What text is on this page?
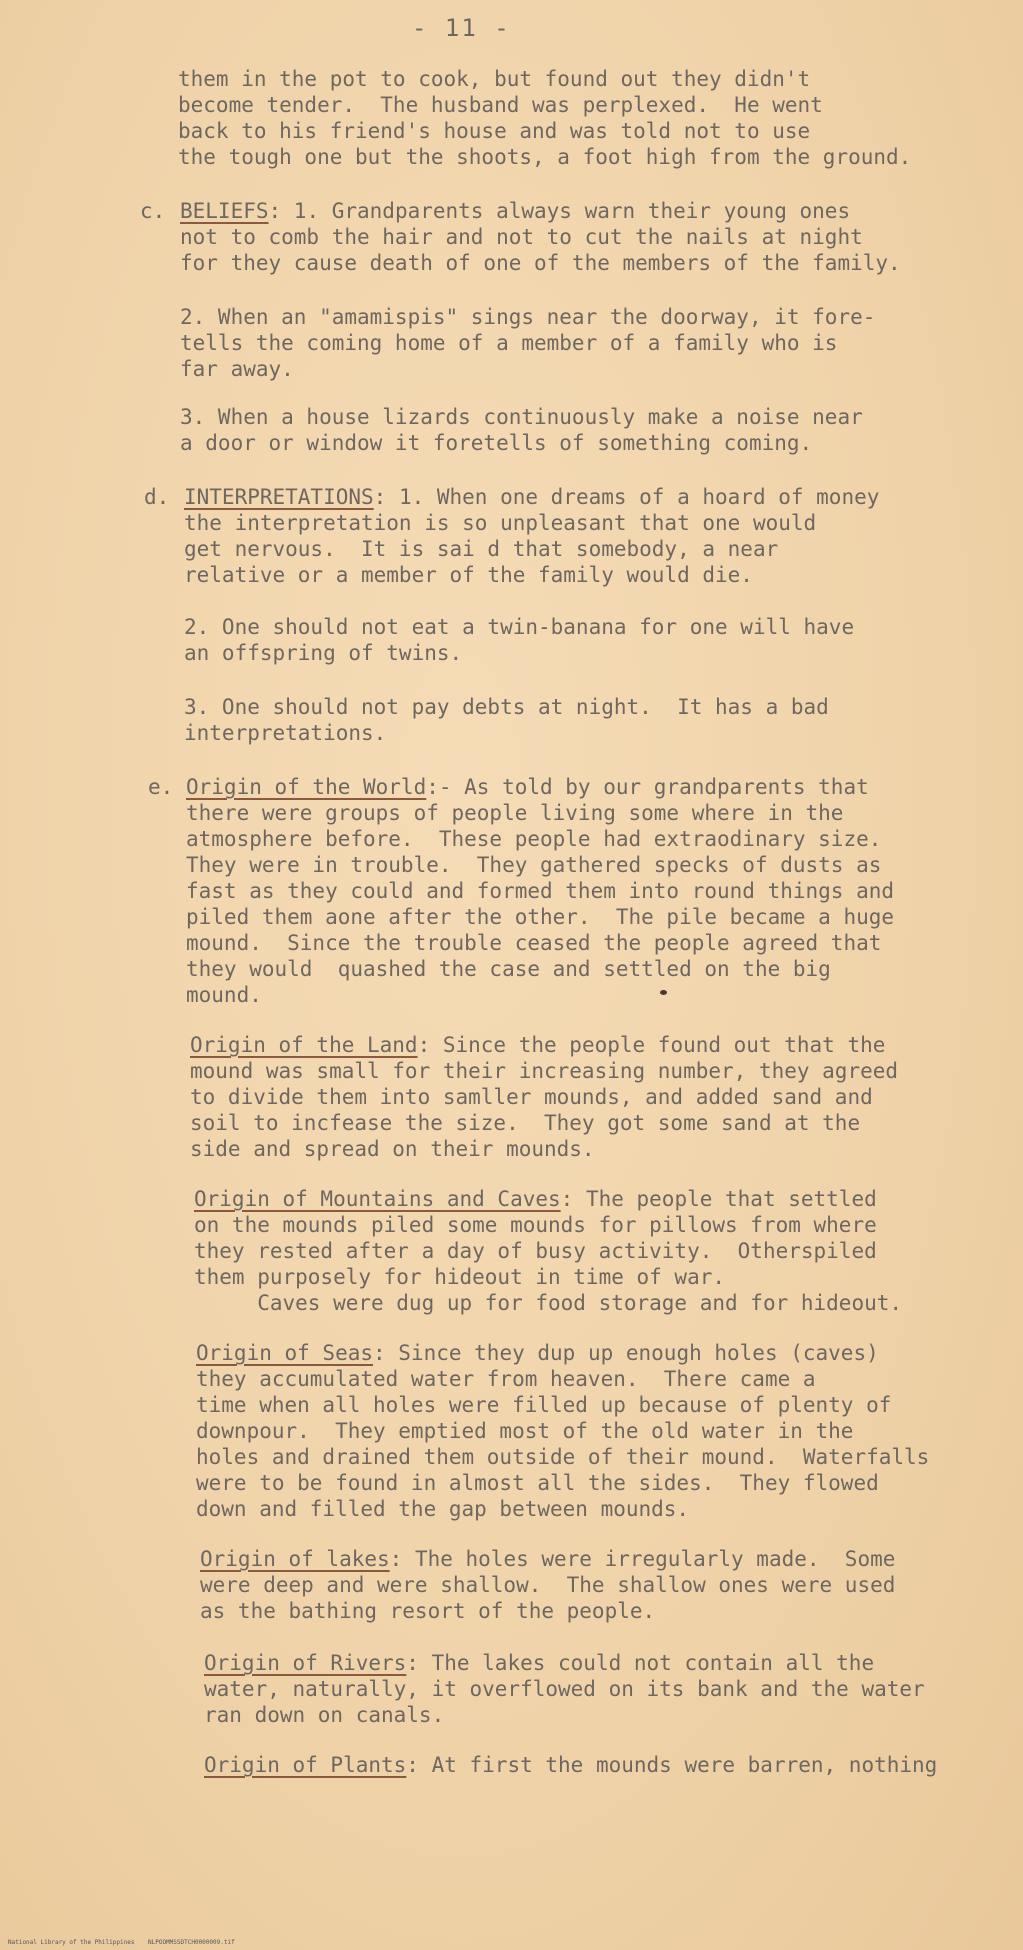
- 11 -
them in the pot to cook, but found out they didn't
become tender.  The husband was perplexed.  He went
back to his friend's house and was told not to use
the tough one but the shoots, a foot high from the ground.
c. BELIEFS: 1. Grandparents always warn their young ones
not to comb the hair and not to cut the nails at night
for they cause death of one of the members of the family.
2. When an "amamispis" sings near the doorway, it fore-
tells the coming home of a member of a family who is
far away.
3. When a house lizards continuously make a noise near
a door or window it foretells of something coming.
d. INTERPRETATIONS: 1. When one dreams of a hoard of money
the interpretation is so unpleasant that one would
get nervous.  It is sai d that somebody, a near
relative or a member of the family would die.
2. One should not eat a twin-banana for one will have
an offspring of twins.
3. One should not pay debts at night.  It has a bad
interpretations.
e. Origin of the World:- As told by our grandparents that
there were groups of people living some where in the
atmosphere before.  These people had extraodinary size.
They were in trouble.  They gathered specks of dusts as
fast as they could and formed them into round things and
piled them aone after the other.  The pile became a huge
mound.  Since the trouble ceased the people agreed that
they would  quashed the case and settled on the big
mound.
Origin of the Land: Since the people found out that the
mound was small for their increasing number, they agreed
to divide them into samller mounds, and added sand and
soil to incfease the size.  They got some sand at the
side and spread on their mounds.
Origin of Mountains and Caves: The people that settled
on the mounds piled some mounds for pillows from where
they rested after a day of busy activity.  Otherspiled
them purposely for hideout in time of war.
Caves were dug up for food storage and for hideout.
Origin of Seas: Since they dup up enough holes (caves)
they accumulated water from heaven.  There came a
time when all holes were filled up because of plenty of
downpour.  They emptied most of the old water in the
holes and drained them outside of their mound.  Waterfalls
were to be found in almost all the sides.  They flowed
down and filled the gap between mounds.
Origin of lakes: The holes were irregularly made.  Some
were deep and were shallow.  The shallow ones were used
as the bathing resort of the people.
Origin of Rivers: The lakes could not contain all the
water, naturally, it overflowed on its bank and the water
ran down on canals.
Origin of Plants: At first the mounds were barren, nothing
National Library of the Philippines NLPOOMMSSDTCH0000009.tif
